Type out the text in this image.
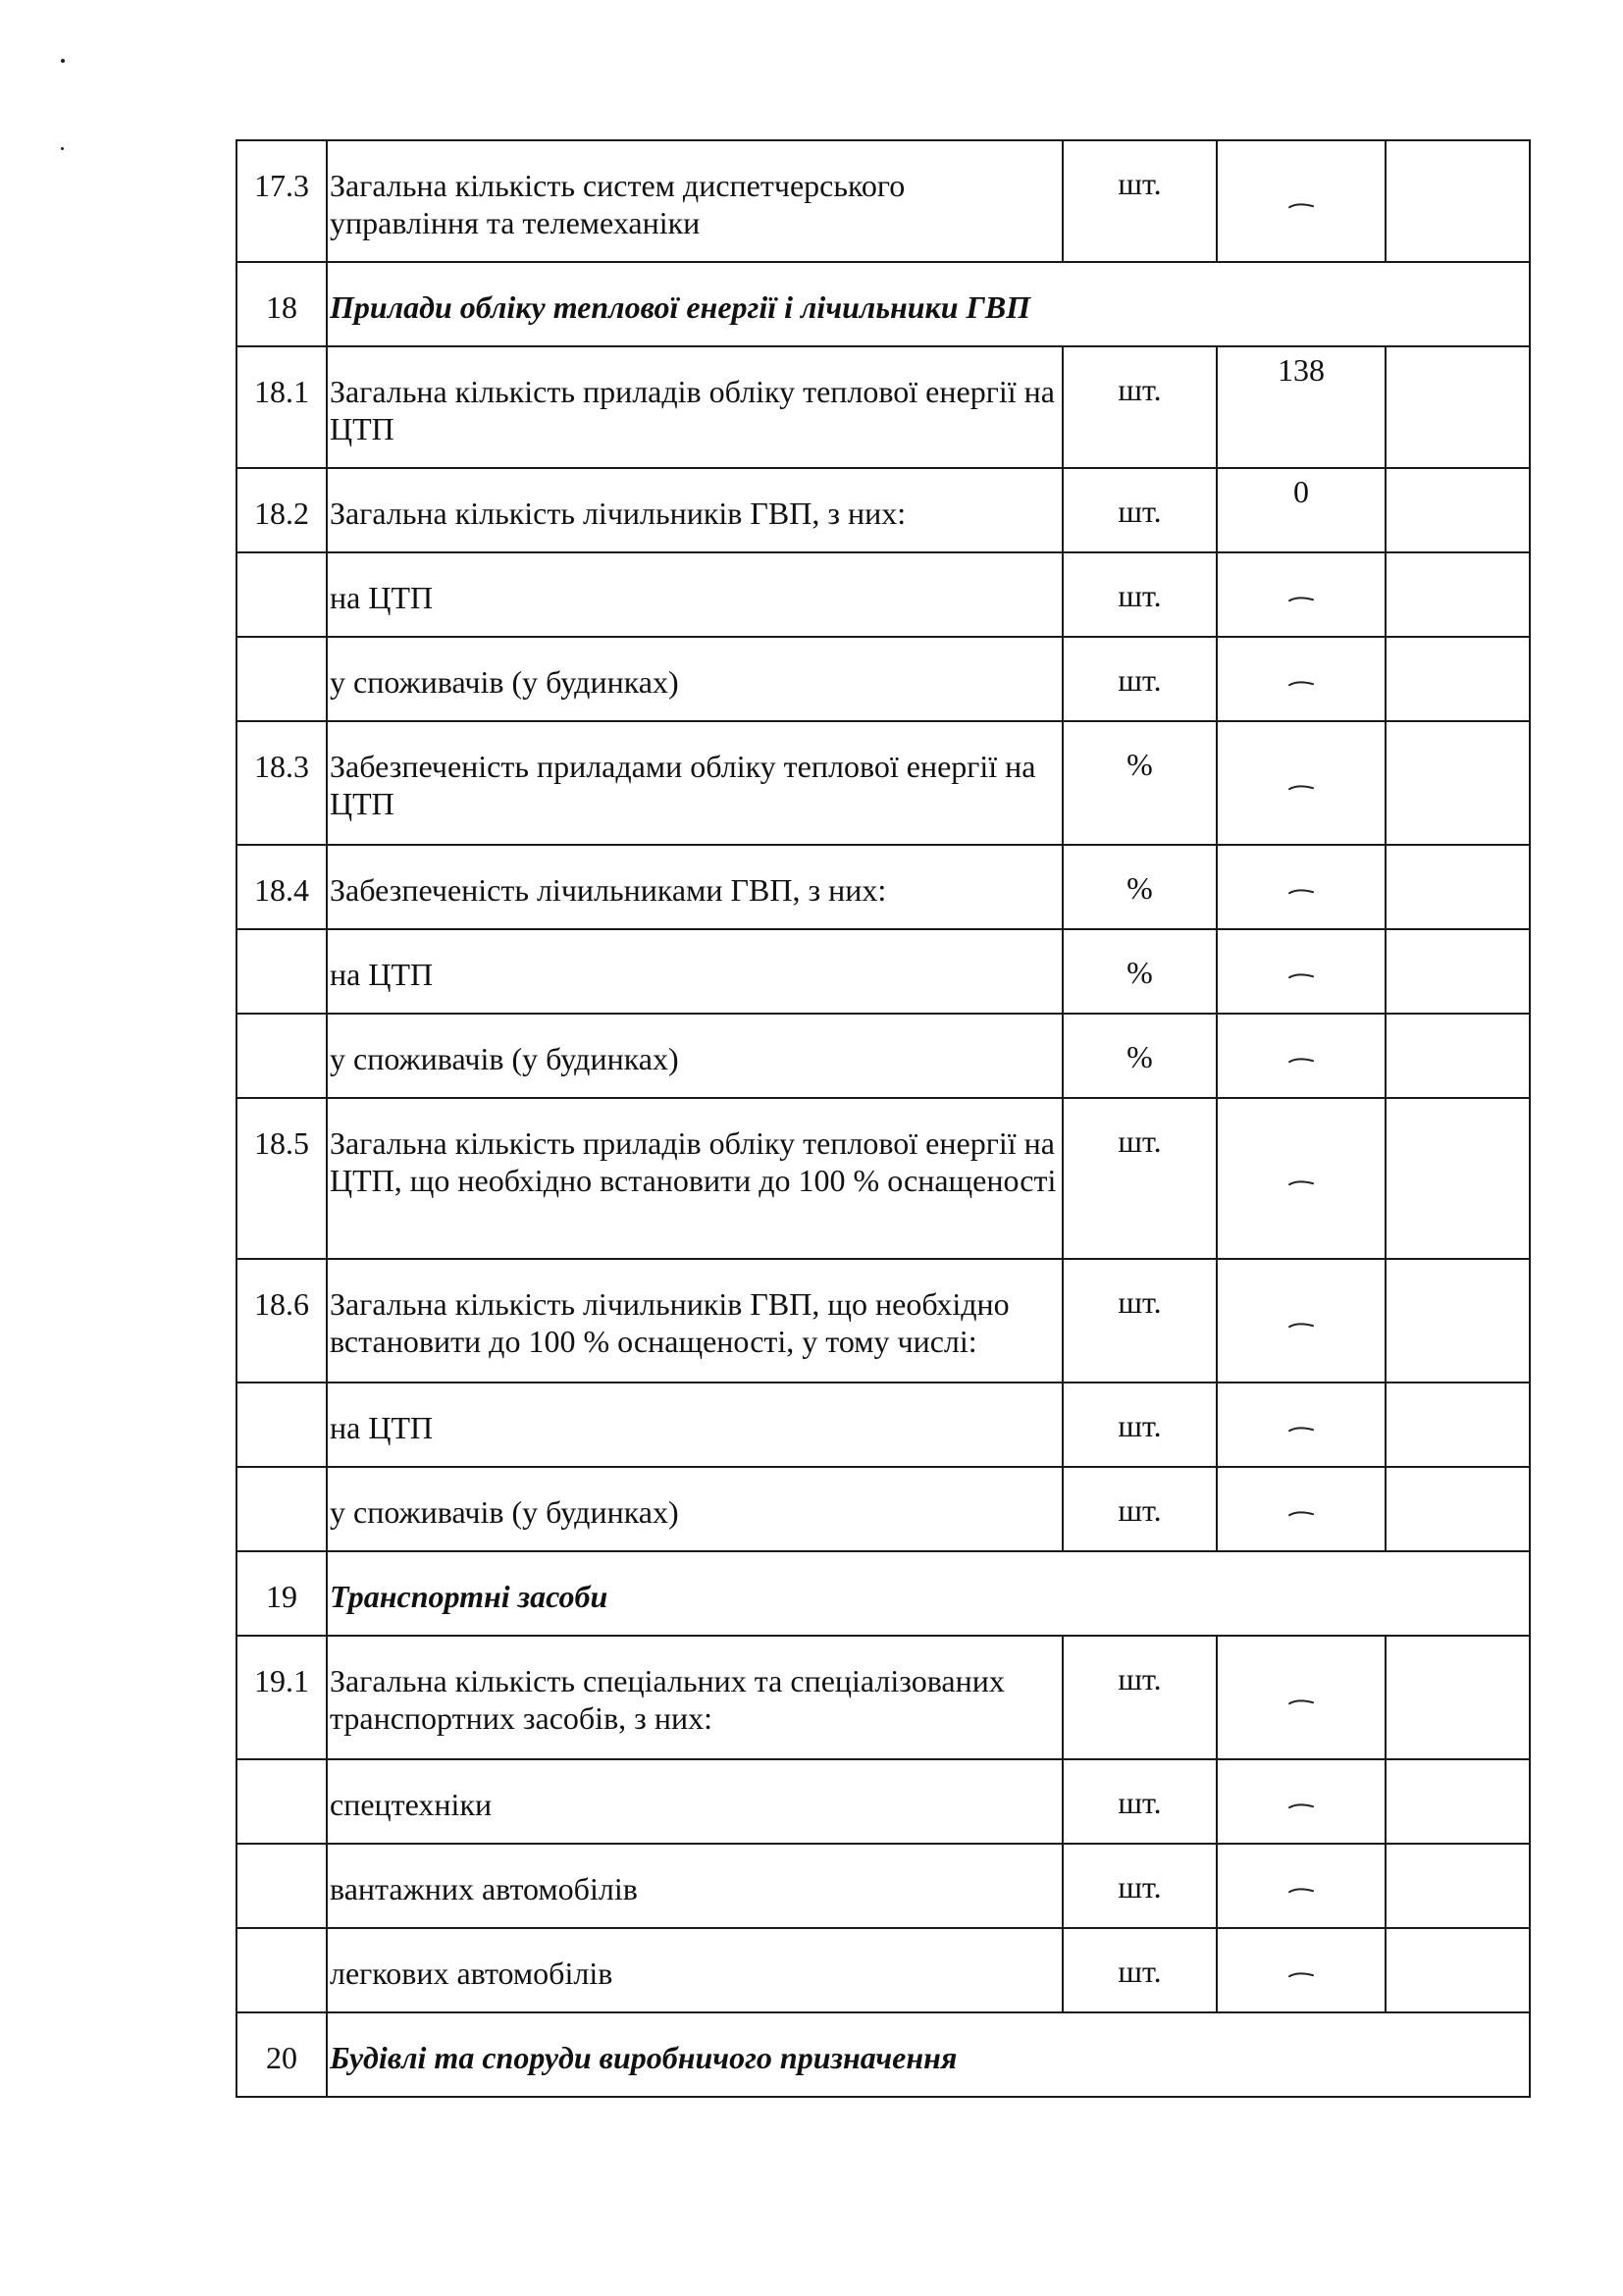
17.3	Загальна кількість систем диспетчерського управління та телемеханіки	шт.	

18	Прилади обліку теплової енергії і лічильники ГВП			
18.1	Загальна кількість приладів обліку теплової енергії на ЦТП	шт.	138	

18.2	Загальна кількість лічильників ГВП, з них:	шт.	0	

	на ЦТП	шт.	

	у споживачів (у будинках)	шт.	

18.3	Забезпеченість приладами обліку теплової енергії на ЦТП	%	

18.4	Забезпеченість лічильниками ГВП, з них:	%	

	на ЦТП	%	

	у споживачів (у будинках)	%	

18.5	Загальна кількість приладів обліку теплової енергії на ЦТП, що необхідно встановити до 100 % оснащеності	шт.	

18.6	Загальна кількість лічильників ГВП, що необхідно встановити до 100 % оснащеності, у тому числі:	шт.	

	на ЦТП	шт.	

	у споживачів (у будинках)	шт.	

19	Транспортні засоби			
19.1	Загальна кількість спеціальних та спеціалізованих транспортних засобів, з них:	шт.	

	спецтехніки	шт.	

	вантажних автомобілів	шт.	

	легкових автомобілів	шт.	

20	Будівлі та споруди виробничого призначення			
